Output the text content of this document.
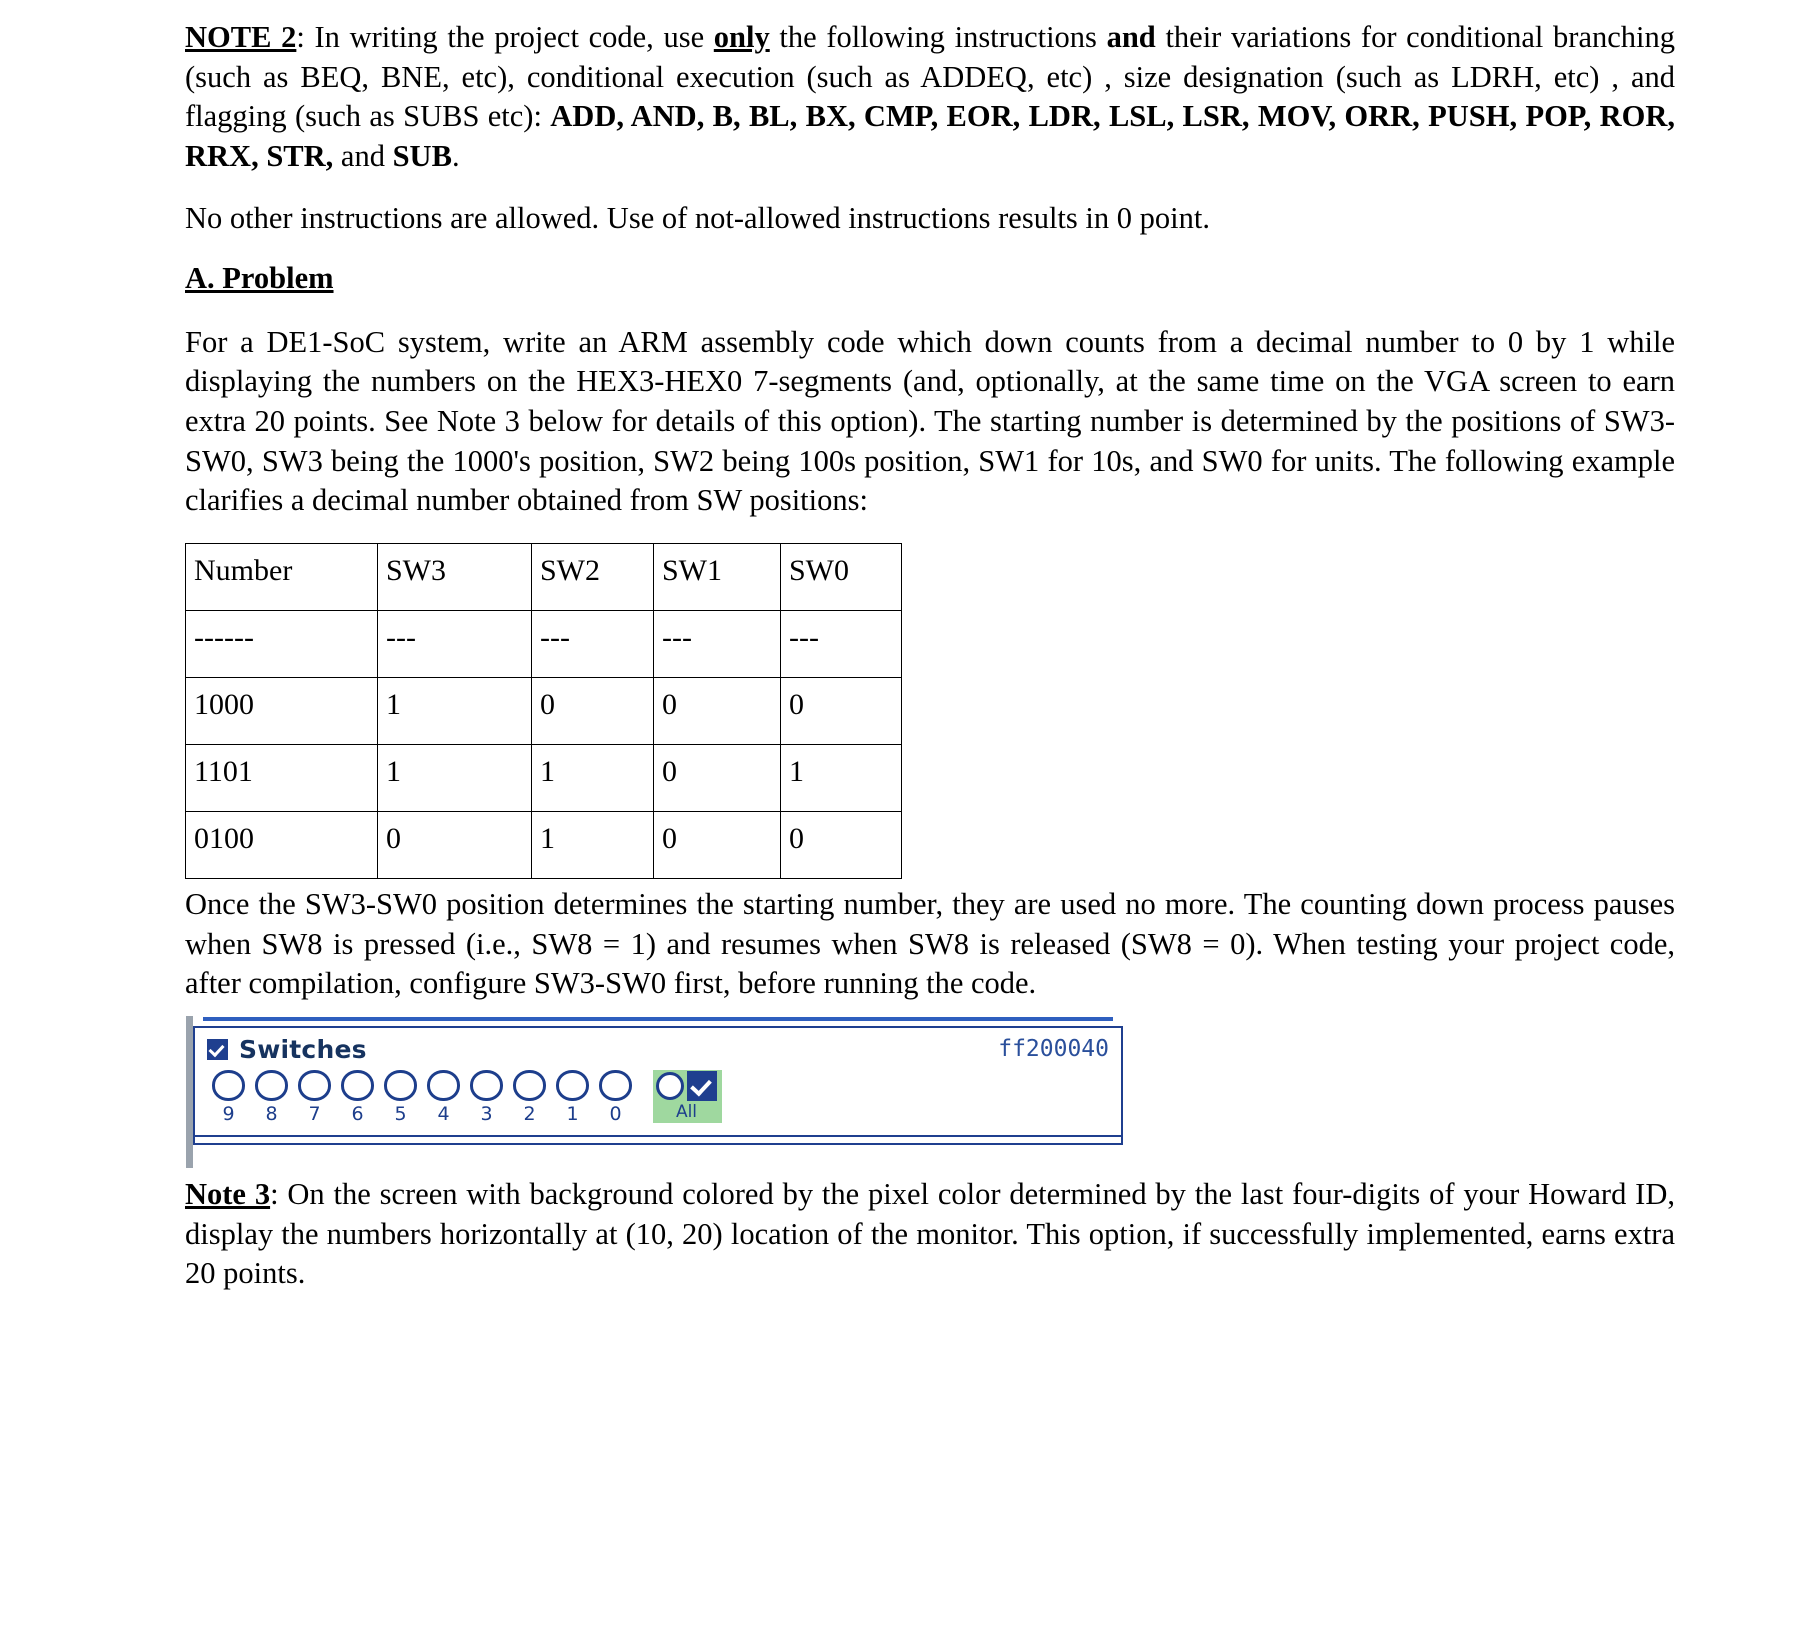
NOTE 2: In writing the project code, use only the following instructions and their variations for conditional branching (such as BEQ, BNE, etc), conditional execution (such as ADDEQ, etc) , size designation (such as LDRH, etc) , and flagging (such as SUBS etc): ADD, AND, B, BL, BX, CMP, EOR, LDR, LSL, LSR, MOV, ORR, PUSH, POP, ROR, RRX, STR, and SUB.

No other instructions are allowed. Use of not-allowed instructions results in 0 point.

A. Problem

For a DE1-SoC system, write an ARM assembly code which down counts from a decimal number to 0 by 1 while displaying the numbers on the HEX3-HEX0 7-segments (and, optionally, at the same time on the VGA screen to earn extra 20 points. See Note 3 below for details of this option). The starting number is determined by the positions of SW3-SW0, SW3 being the 1000's position, SW2 being 100s position, SW1 for 10s, and SW0 for units. The following example clarifies a decimal number obtained from SW positions:

Number	SW3	SW2	SW1	SW0
------	---	---	---	---
1000	1	0	0	0
1101	1	1	0	1
0100	0	1	0	0

Once the SW3-SW0 position determines the starting number, they are used no more. The counting down process pauses when SW8 is pressed (i.e., SW8 = 1) and resumes when SW8 is released (SW8 = 0). When testing your project code, after compilation, configure SW3-SW0 first, before running the code.

Switches	ff200040
9	8	7	6	5	4	3	2	1	0	All

Note 3: On the screen with background colored by the pixel color determined by the last four-digits of your Howard ID, display the numbers horizontally at (10, 20) location of the monitor. This option, if successfully implemented, earns extra 20 points.
